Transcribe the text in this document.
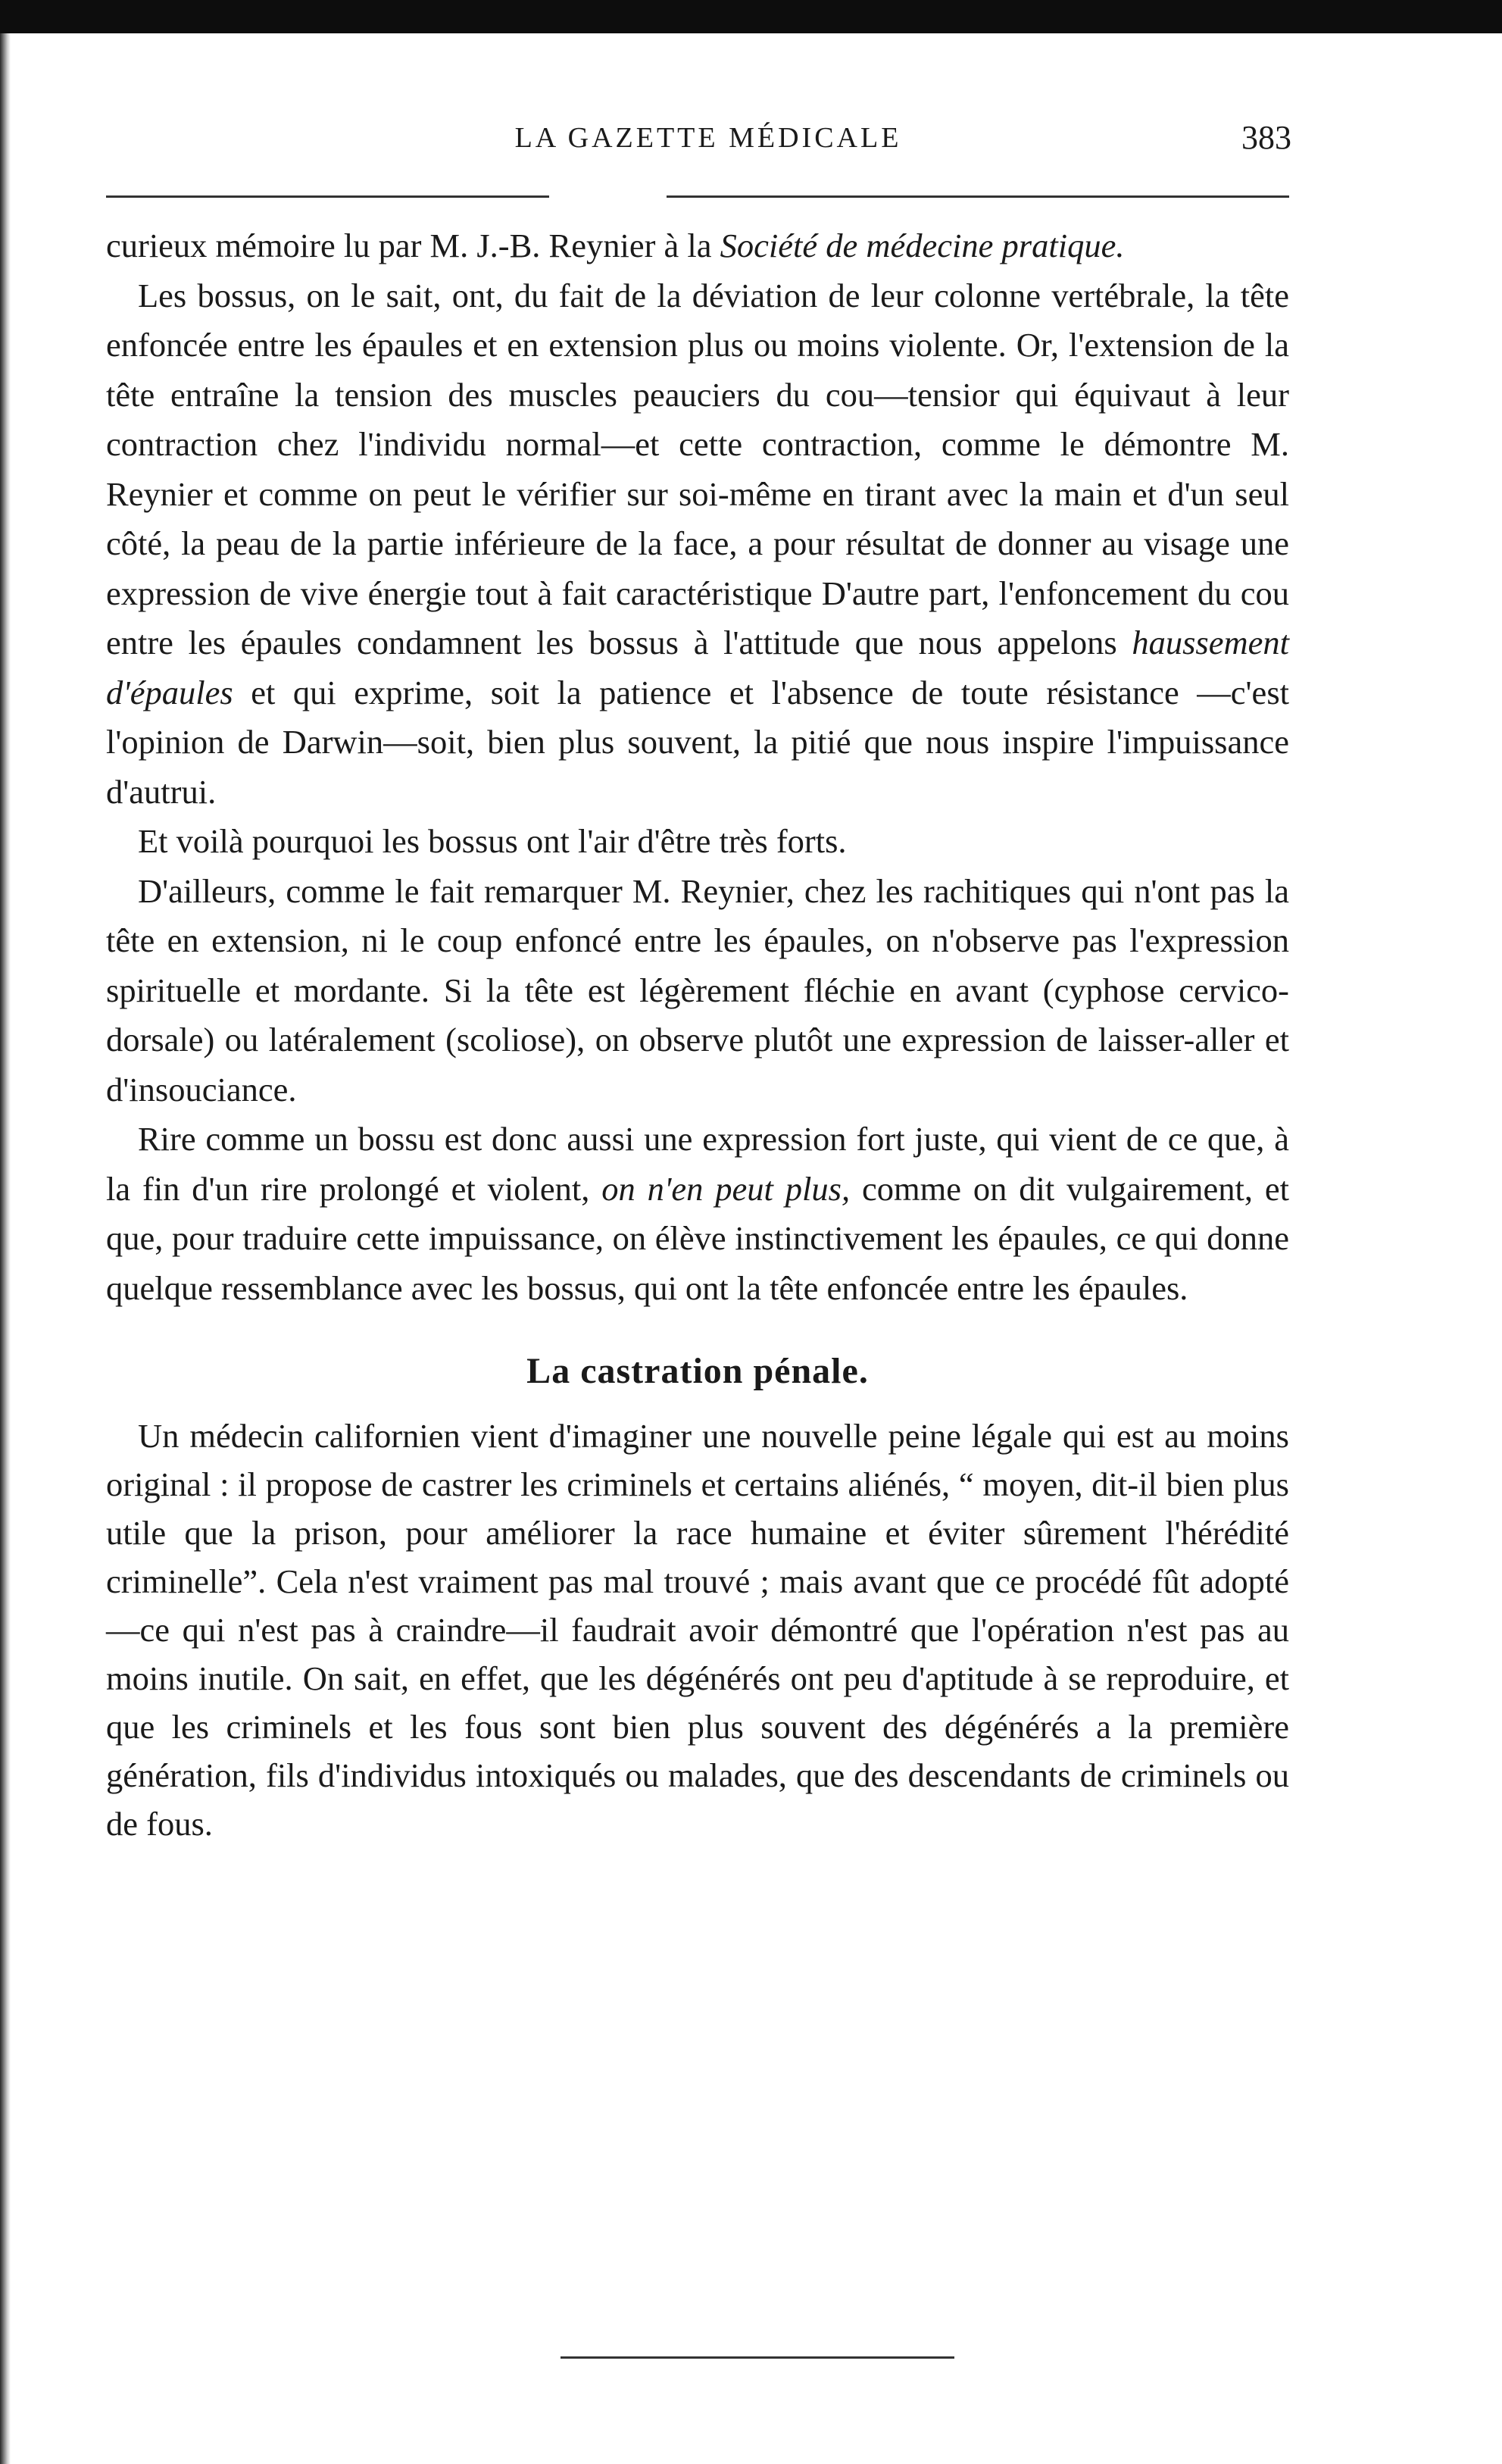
LA GAZETTE MÉDICALE	383

curieux mémoire lu par M. J.-B. Reynier à la Société de médecine pratique.

Les bossus, on le sait, ont, du fait de la déviation de leur colonne vertébrale, la tête enfoncée entre les épaules et en extension plus ou moins violente. Or, l'extension de la tête entraîne la tension des muscles peauciers du cou—tensior qui équivaut à leur contraction chez l'individu normal—et cette contraction, comme le démontre M. Reynier et comme on peut le vérifier sur soi-même en tirant avec la main et d'un seul côté, la peau de la partie inférieure de la face, a pour résultat de donner au visage une expression de vive énergie tout à fait caractéristique D'autre part, l'enfoncement du cou entre les épaules condamnent les bossus à l'attitude que nous appelons haussement d'épaules et qui exprime, soit la patience et l'absence de toute résistance —c'est l'opinion de Darwin—soit, bien plus souvent, la pitié que nous inspire l'impuissance d'autrui.

Et voilà pourquoi les bossus ont l'air d'être très forts.

D'ailleurs, comme le fait remarquer M. Reynier, chez les rachitiques qui n'ont pas la tête en extension, ni le coup enfoncé entre les épaules, on n'observe pas l'expression spirituelle et mordante. Si la tête est légèrement fléchie en avant (cyphose cervico-dorsale) ou latéralement (scoliose), on observe plutôt une expression de laisser-aller et d'insouciance.

Rire comme un bossu est donc aussi une expression fort juste, qui vient de ce que, à la fin d'un rire prolongé et violent, on n'en peut plus, comme on dit vulgairement, et que, pour traduire cette impuissance, on élève instinctivement les épaules, ce qui donne quelque ressemblance avec les bossus, qui ont la tête enfoncée entre les épaules.

La castration pénale.

Un médecin californien vient d'imaginer une nouvelle peine légale qui est au moins original : il propose de castrer les criminels et certains aliénés, “ moyen, dit-il bien plus utile que la prison, pour améliorer la race humaine et éviter sûrement l'hérédité criminelle”. Cela n'est vraiment pas mal trouvé ; mais avant que ce procédé fût adopté—ce qui n'est pas à craindre—il faudrait avoir démontré que l'opération n'est pas au moins inutile. On sait, en effet, que les dégénérés ont peu d'aptitude à se reproduire, et que les criminels et les fous sont bien plus souvent des dégénérés a la première génération, fils d'individus intoxiqués ou malades, que des descendants de criminels ou de fous.
